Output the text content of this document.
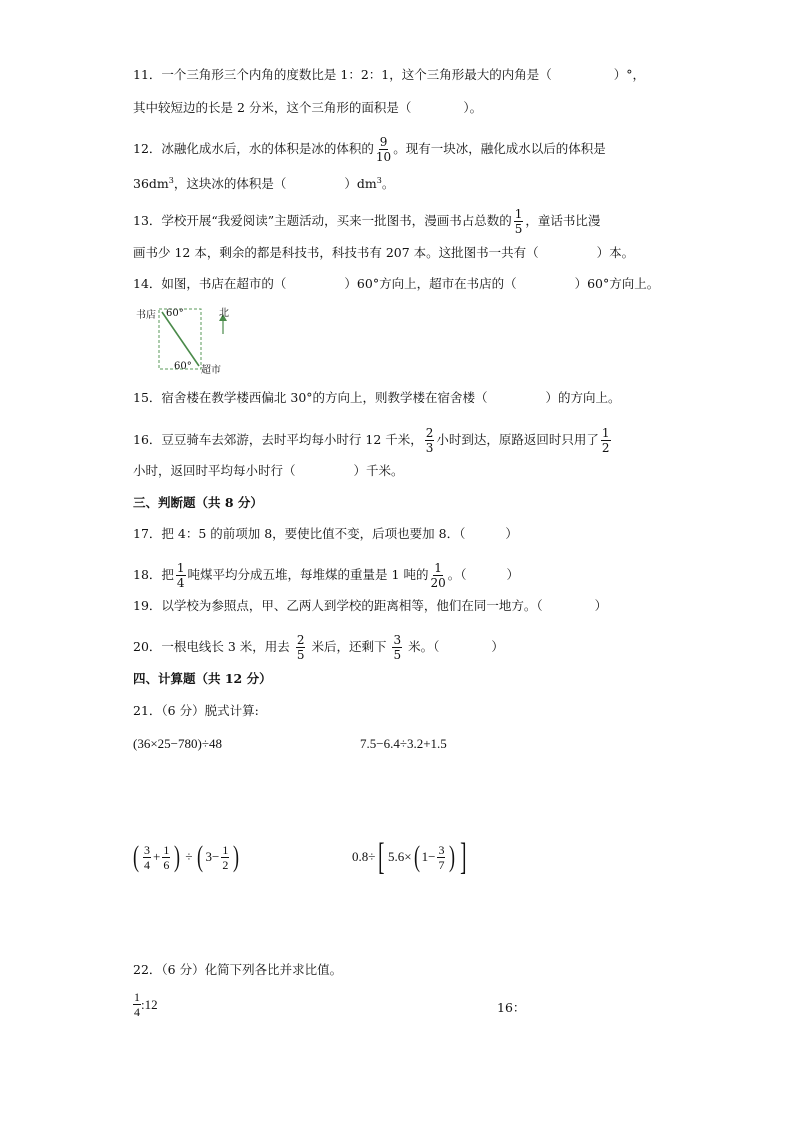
11．一个三角形三个内角的度数比是 1：2：1，这个三角形最大的内角是（	）°，
其中较短边的长是 2 分米，这个三角形的面积是（	）。
12．冰融化成水后，水的体积是冰的体积的 $\frac{9}{10}$ 。现有一块冰，融化成水以后的体积是
$36dm^3$，这块冰的体积是（	）$dm^3$。
13．学校开展“我爱阅读”主题活动，买来一批图书，漫画书占总数的 $\frac{1}{5}$ ，童话书比漫
画书少 12 本，剩余的都是科技书，科技书有 207 本。这批图书一共有（	）本。
14．如图，书店在超市的（	）60°方向上，超市在书店的（	）60°方向上。
书店 60°
60° 超市
北
15．宿舍楼在教学楼西偏北 30°的方向上，则教学楼在宿舍楼（	）的方向上。
16．豆豆骑车去郊游，去时平均每小时行 12 千米， $\frac{2}{3}$ 小时到达，原路返回时只用了 $\frac{1}{2}$
小时，返回时平均每小时行（	）千米。
三、判断题（共 8 分）
17．把 4：5 的前项加 8，要使比值不变，后项也要加 8．（	）
18．把 $\frac{1}{4}$ 吨煤平均分成五堆，每堆煤的重量是 1 吨的 $\frac{1}{20}$ 。（	）
19．以学校为参照点，甲、乙两人到学校的距离相等，他们在同一地方。（	）
20．一根电线长 3 米，用去 $\frac{2}{5}$ 米后，还剩下 $\frac{3}{5}$ 米。（	）
四、计算题（共 12 分）
21．（6 分）脱式计算:
(36×25−780)÷48	7.5−6.4÷3.2+1.5
( $\frac{3}{4} + \frac{1}{6}$ ) ÷ ( $3- \frac{1}{2}$ )	0.8÷ [ 5.6× ( $1- \frac{3}{7}$ ) ]
22．（6 分）化简下列各比并求比值。
$\frac{1}{4}$ :12	16：
